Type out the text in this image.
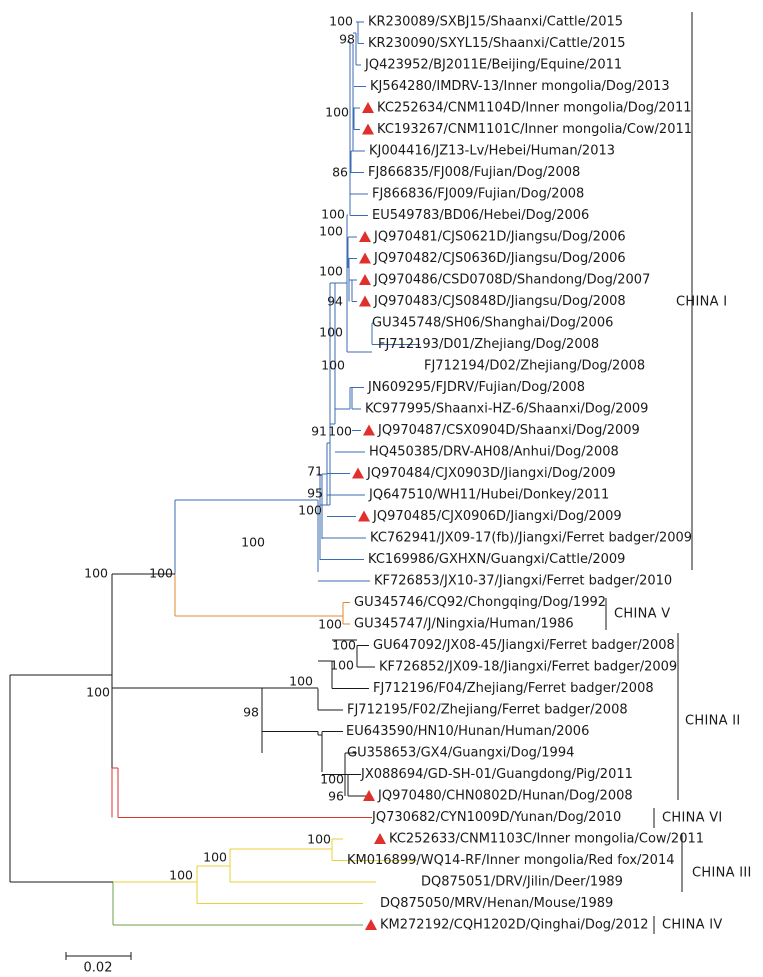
KR230089/SXBJ15/Shaanxi/Cattle/2015
KR230090/SXYL15/Shaanxi/Cattle/2015
JQ423952/BJ2011E/Beijing/Equine/2011
KJ564280/IMDRV-13/Inner mongolia/Dog/2013
KC252634/CNM1104D/Inner mongolia/Dog/2011
KC193267/CNM1101C/Inner mongolia/Cow/2011
KJ004416/JZ13-Lv/Hebei/Human/2013
FJ866835/FJ008/Fujian/Dog/2008
FJ866836/FJ009/Fujian/Dog/2008
EU549783/BD06/Hebei/Dog/2006
JQ970481/CJS0621D/Jiangsu/Dog/2006
JQ970482/CJS0636D/Jiangsu/Dog/2006
JQ970486/CSD0708D/Shandong/Dog/2007
JQ970483/CJS0848D/Jiangsu/Dog/2008
GU345748/SH06/Shanghai/Dog/2006
FJ712193/D01/Zhejiang/Dog/2008
FJ712194/D02/Zhejiang/Dog/2008
JN609295/FJDRV/Fujian/Dog/2008
KC977995/Shaanxi-HZ-6/Shaanxi/Dog/2009
JQ970487/CSX0904D/Shaanxi/Dog/2009
HQ450385/DRV-AH08/Anhui/Dog/2008
JQ970484/CJX0903D/Jiangxi/Dog/2009
JQ647510/WH11/Hubei/Donkey/2011
JQ970485/CJX0906D/Jiangxi/Dog/2009
KC762941/JX09-17(fb)/Jiangxi/Ferret badger/2009
KC169986/GXHXN/Guangxi/Cattle/2009
KF726853/JX10-37/Jiangxi/Ferret badger/2010
GU345746/CQ92/Chongqing/Dog/1992
GU345747/J/Ningxia/Human/1986
GU647092/JX08-45/Jiangxi/Ferret badger/2008
KF726852/JX09-18/Jiangxi/Ferret badger/2009
FJ712196/F04/Zhejiang/Ferret badger/2008
FJ712195/F02/Zhejiang/Ferret badger/2008
EU643590/HN10/Hunan/Human/2006
GU358653/GX4/Guangxi/Dog/1994
JX088694/GD-SH-01/Guangdong/Pig/2011
JQ970480/CHN0802D/Hunan/Dog/2008
JQ730682/CYN1009D/Yunan/Dog/2010
KC252633/CNM1103C/Inner mongolia/Cow/2011
KM016899/WQ14-RF/Inner mongolia/Red fox/2014
DQ875051/DRV/Jilin/Deer/1989
DQ875050/MRV/Henan/Mouse/1989
KM272192/CQH1202D/Qinghai/Dog/2012
100
98
100
86
100
100
100
94
100
100
91 100
71
95
100
100
100
100
100
100
100
98
100
100
96
100
100
100
100
CHINA I
CHINA V
CHINA II
CHINA VI
CHINA III
CHINA IV
0.02
